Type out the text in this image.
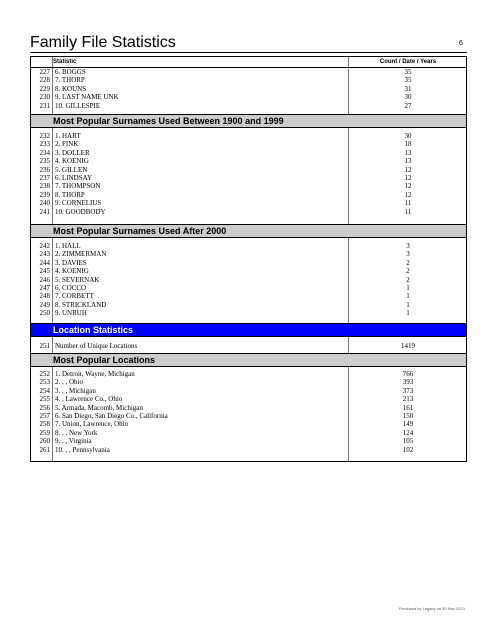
Family File Statistics	6
Statistic	Count / Date / Years
227 6. BOGGS	35
228 7. THORP	35
229 8. KOUNS	31
230 9. LAST NAME UNK	30
231 10. GILLESPIE	27
Most Popular Surnames Used Between 1900 and 1999
232 1. HART	30
233 2. FINK	18
234 3. DOLLER	13
235 4. KOENIG	13
236 5. GILLEN	12
237 6. LINDSAY	12
238 7. THOMPSON	12
239 8. THORP	12
240 9. CORNELIUS	11
241 10. GOODBODY	11
Most Popular Surnames Used After 2000
242 1. HALL	3
243 2. ZIMMERMAN	3
244 3. DAVIES	2
245 4. KOENIG	2
246 5. SEVERNAK	2
247 6. COCCO	1
248 7. CORBETT	1
249 8. STRICKLAND	1
250 9. UNRUH	1
Location Statistics
251 Number of Unique Locations	1419
Most Popular Locations
252 1. Detroit, Wayne, Michigan	766
253 2. , , Ohio	393
254 3. , , Michigan	373
255 4. , Lawrence Co., Ohio	213
256 5. Armada, Macomb, Michigan	161
257 6. San Diego, San Diego Co., California	150
258 7. Union, Lawrence, Ohio	149
259 8. , , New York	124
260 9. , , Virginia	105
261 10. , , Pennsylvania	102
Produced by Legacy on 30 Nov 2013
